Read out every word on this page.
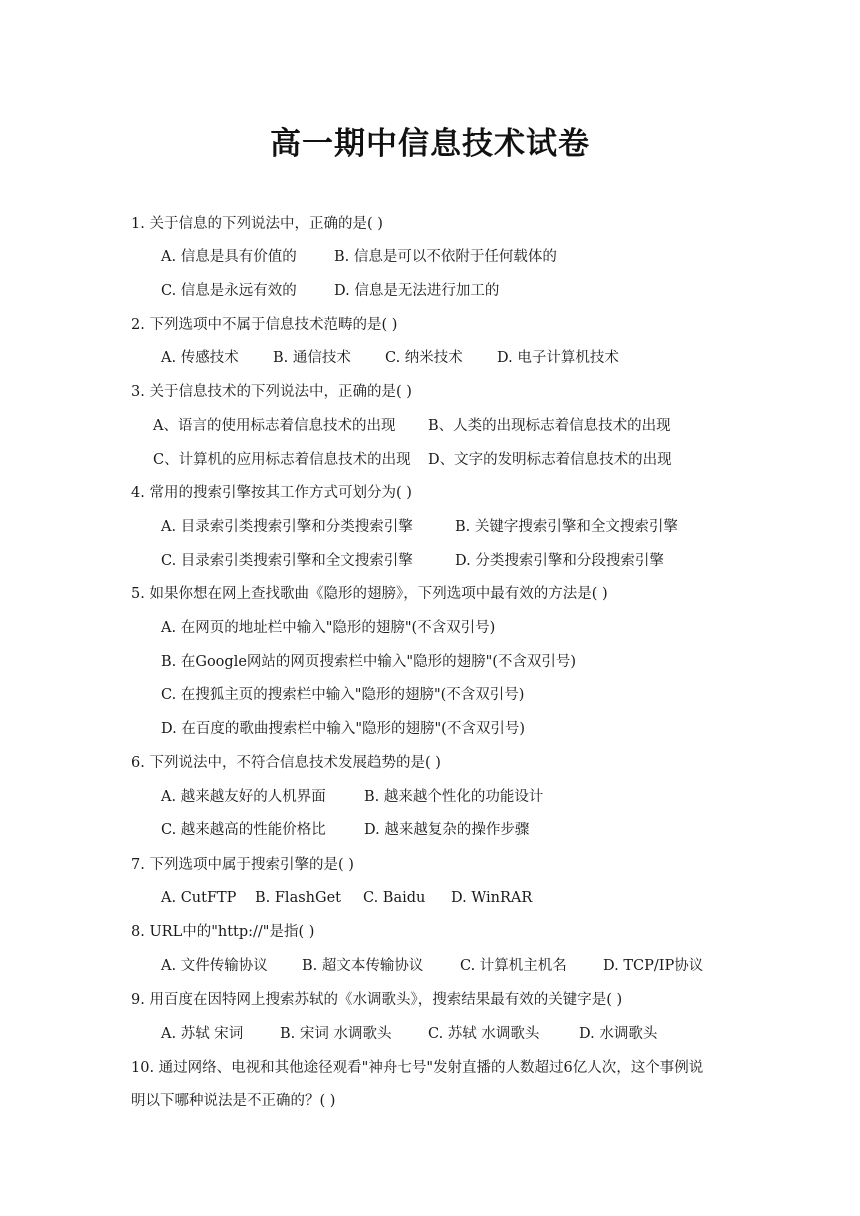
高一期中信息技术试卷
1. 关于信息的下列说法中，正确的是( )
A. 信息是具有价值的	B. 信息是可以不依附于任何载体的
C. 信息是永远有效的	D. 信息是无法进行加工的
2. 下列选项中不属于信息技术范畴的是( )
A. 传感技术 B. 通信技术 C. 纳米技术 D. 电子计算机技术
3. 关于信息技术的下列说法中，正确的是( )
A、语言的使用标志着信息技术的出现 B、人类的出现标志着信息技术的出现
C、计算机的应用标志着信息技术的出现 D、文字的发明标志着信息技术的出现
4. 常用的搜索引擎按其工作方式可划分为( )
A. 目录索引类搜索引擎和分类搜索引擎	B. 关键字搜索引擎和全文搜索引擎
C. 目录索引类搜索引擎和全文搜索引擎	D. 分类搜索引擎和分段搜索引擎
5. 如果你想在网上查找歌曲《隐形的翅膀》，下列选项中最有效的方法是( )
A. 在网页的地址栏中输入"隐形的翅膀"(不含双引号)
B. 在Google网站的网页搜索栏中输入"隐形的翅膀"(不含双引号)
C. 在搜狐主页的搜索栏中输入"隐形的翅膀"(不含双引号)
D. 在百度的歌曲搜索栏中输入"隐形的翅膀"(不含双引号)
6. 下列说法中，不符合信息技术发展趋势的是( )
A. 越来越友好的人机界面	B. 越来越个性化的功能设计
C. 越来越高的性能价格比	D. 越来越复杂的操作步骤
7. 下列选项中属于搜索引擎的是( )
A. CutFTP B. FlashGet C. Baidu D. WinRAR
8. URL中的"http://"是指( )
A. 文件传输协议 B. 超文本传输协议	C. 计算机主机名 D. TCP/IP协议
9. 用百度在因特网上搜索苏轼的《水调歌头》，搜索结果最有效的关键字是( )
A. 苏轼 宋词	B. 宋词 水调歌头	C. 苏轼 水调歌头	D. 水调歌头
10. 通过网络、电视和其他途径观看"神舟七号"发射直播的人数超过6亿人次，这个事例说
明以下哪种说法是不正确的？( )
